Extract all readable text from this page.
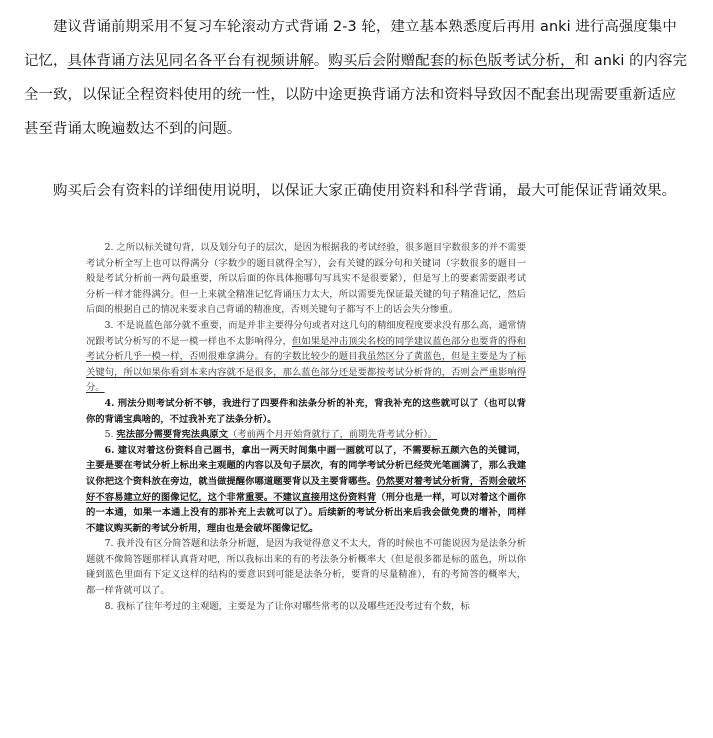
建议背诵前期采用不复习车轮滚动方式背诵 2-3 轮，建立基本熟悉度后再用 anki 进行高强度集中记忆，具体背诵方法见同名各平台有视频讲解。购买后会附赠配套的标色版考试分析，和 anki 的内容完全一致，以保证全程资料使用的统一性，以防中途更换背诵方法和资料导致因不配套出现需要重新适应甚至背诵太晚遍数达不到的问题。

购买后会有资料的详细使用说明，以保证大家正确使用资料和科学背诵，最大可能保证背诵效果。

2. 之所以标关键句背，以及划分句子的层次，是因为根据我的考试经验，很多题目字数很多的并不需要考试分析全写上也可以得满分（字数少的题目就得全写），会有关键的踩分句和关键词（字数很多的题目一般是考试分析前一两句最重要，所以后面的你具体拖哪句写具实不是很要紧），但是写上的要素需要跟考试分析一样才能得满分。但一上来就全精准记忆背诵压力太大，所以需要先保证最关键的句子精准记忆，然后后面的根据自己的情况来要求自己背诵的精准度，否则关键句子都写不上的话会失分惨重。

3. 不是说蓝色部分就不重要，而是并非主要得分句或者对这几句的精细度程度要求没有那么高，通常情况跟考试分析写的不是一模一样也不太影响得分，但如果是冲击顶尖名校的同学建议蓝色部分也要背的得和考试分析几乎一模一样，否则很难拿满分。有的字数比较少的题目我虽然区分了黄蓝色，但是主要是为了标关键句，所以如果你看到本来内容就不是很多，那么蓝色部分还是要都按考试分析背的，否则会严重影响得分。

4. 刑法分则考试分析不够，我进行了四要件和法条分析的补充，背我补充的这些就可以了（也可以背你的背诵宝典啥的，不过我补充了法条分析）。

5. 宪法部分需要背宪法典原文（考前两个月开始背就行了，前期先背考试分析）。

6. 建议对着这份资料自己画书，拿出一两天时间集中画一画就可以了，不需要标五颜六色的关键词，主要是要在考试分析上标出来主观题的内容以及句子层次，有的同学考试分析已经荧光笔画满了，那么我建议你把这个资料放在旁边，就当做提醒你哪道题要背以及主要背哪些。仍然要对着考试分析背，否则会破坏好不容易建立好的图像记忆，这个非常重要。不建议直接用这份资料背（刑分也是一样，可以对着这个画你的一本通，如果一本通上没有的那补充上去就可以了）。后续新的考试分析出来后我会做免费的增补，同样不建议购买新的考试分析用，理由也是会破坏图像记忆。

7. 我并没有区分简答题和法条分析题，是因为我觉得意义不太大，背的时候也不可能说因为是法条分析题就不像简答题那样认真背对吧，所以我标出来的有的考法条分析概率大（但是很多都是标的蓝色，所以你碰到蓝色里面有下定义这样的结构的要意识到可能是法条分析，要背的尽量精准），有的考简答的概率大，都一样背就可以了。

8. 我标了往年考过的主观题，主要是为了让你对哪些常考的以及哪些还没考过有个数，标
